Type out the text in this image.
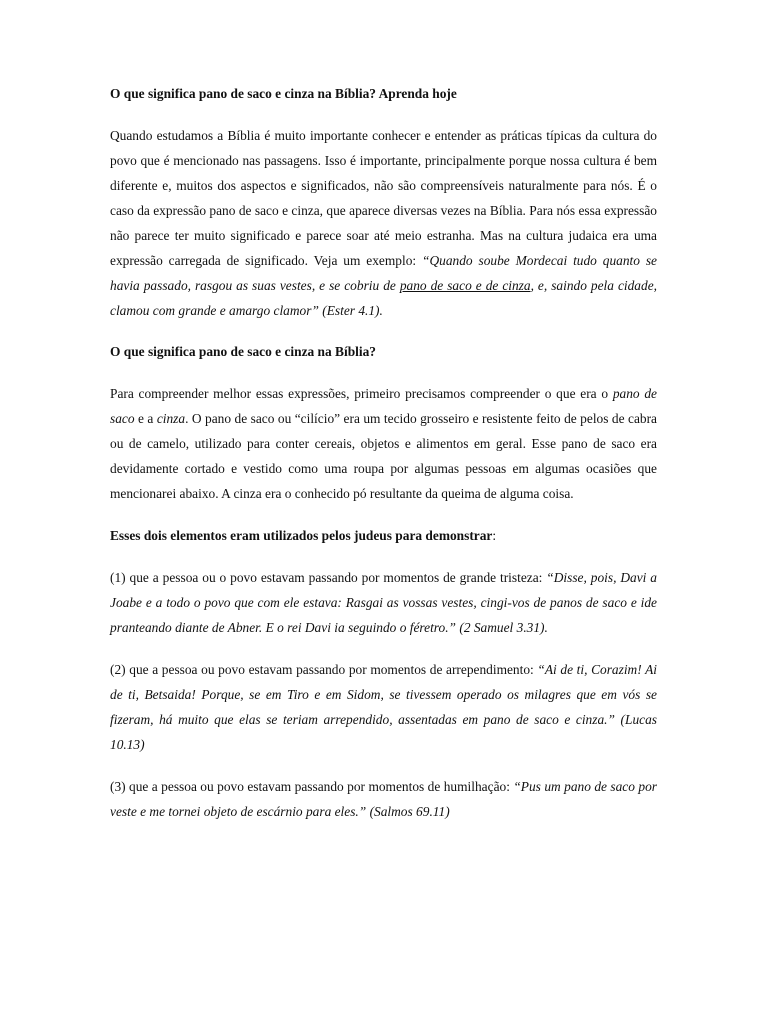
O que significa pano de saco e cinza na Bíblia? Aprenda hoje

Quando estudamos a Bíblia é muito importante conhecer e entender as práticas típicas da cultura do povo que é mencionado nas passagens. Isso é importante, principalmente porque nossa cultura é bem diferente e, muitos dos aspectos e significados, não são compreensíveis naturalmente para nós. É o caso da expressão pano de saco e cinza, que aparece diversas vezes na Bíblia. Para nós essa expressão não parece ter muito significado e parece soar até meio estranha. Mas na cultura judaica era uma expressão carregada de significado. Veja um exemplo: “Quando soube Mordecai tudo quanto se havia passado, rasgou as suas vestes, e se cobriu de pano de saco e de cinza, e, saindo pela cidade, clamou com grande e amargo clamor” (Ester 4.1).

O que significa pano de saco e cinza na Bíblia?

Para compreender melhor essas expressões, primeiro precisamos compreender o que era o pano de saco e a cinza. O pano de saco ou “cilício” era um tecido grosseiro e resistente feito de pelos de cabra ou de camelo, utilizado para conter cereais, objetos e alimentos em geral. Esse pano de saco era devidamente cortado e vestido como uma roupa por algumas pessoas em algumas ocasiões que mencionarei abaixo. A cinza era o conhecido pó resultante da queima de alguma coisa.

Esses dois elementos eram utilizados pelos judeus para demonstrar:

(1) que a pessoa ou o povo estavam passando por momentos de grande tristeza: “Disse, pois, Davi a Joabe e a todo o povo que com ele estava: Rasgai as vossas vestes, cingi-vos de panos de saco e ide pranteando diante de Abner. E o rei Davi ia seguindo o féretro.” (2 Samuel 3.31).

(2) que a pessoa ou povo estavam passando por momentos de arrependimento: “Ai de ti, Corazim! Ai de ti, Betsaida! Porque, se em Tiro e em Sidom, se tivessem operado os milagres que em vós se fizeram, há muito que elas se teriam arrependido, assentadas em pano de saco e cinza.” (Lucas 10.13)

(3) que a pessoa ou povo estavam passando por momentos de humilhação: “Pus um pano de saco por veste e me tornei objeto de escárnio para eles.” (Salmos 69.11)
